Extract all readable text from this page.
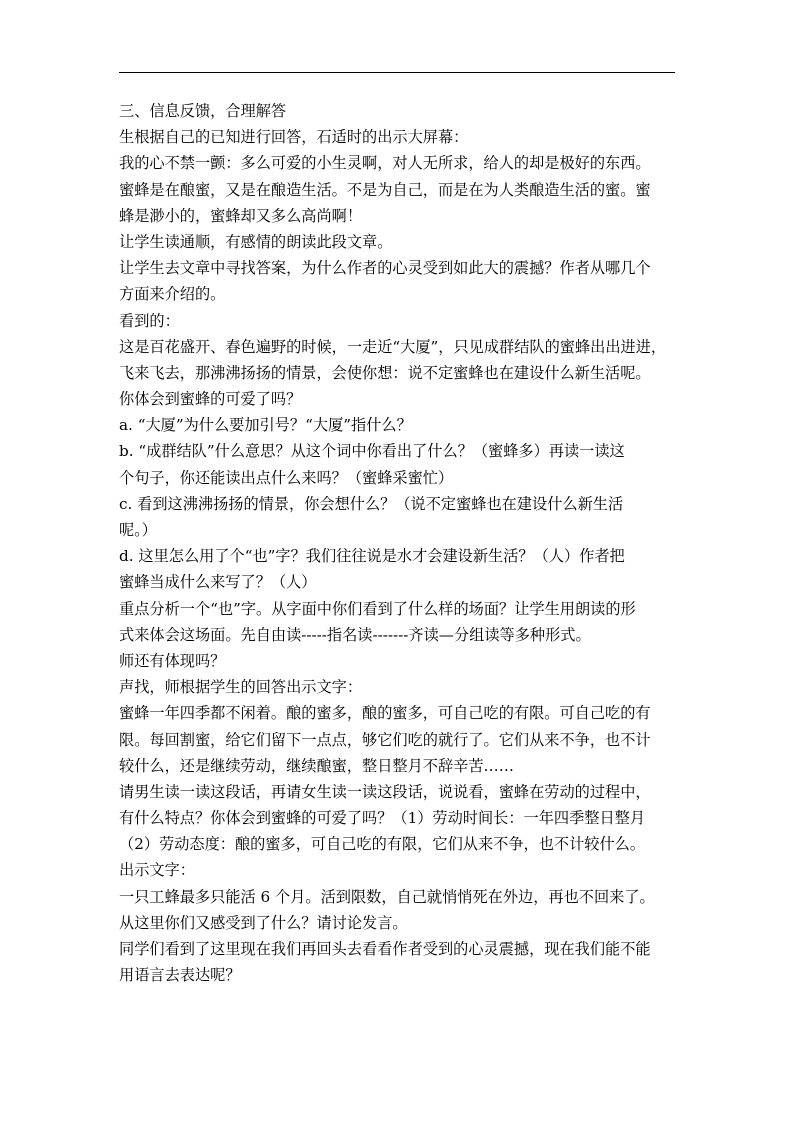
三、信息反馈，合理解答
生根据自己的已知进行回答，石适时的出示大屏幕：
我的心不禁一颤：多么可爱的小生灵啊，对人无所求，给人的却是极好的东西。
蜜蜂是在酿蜜，又是在酿造生活。不是为自己，而是在为人类酿造生活的蜜。蜜
蜂是渺小的，蜜蜂却又多么高尚啊！
让学生读通顺，有感情的朗读此段文章。
让学生去文章中寻找答案，为什么作者的心灵受到如此大的震撼？作者从哪几个
方面来介绍的。
看到的：
这是百花盛开、春色遍野的时候，一走近“大厦”，只见成群结队的蜜蜂出出进进，
飞来飞去，那沸沸扬扬的情景，会使你想：说不定蜜蜂也在建设什么新生活呢。
你体会到蜜蜂的可爱了吗？
a. “大厦”为什么要加引号？“大厦”指什么？
b. “成群结队”什么意思？从这个词中你看出了什么？（蜜蜂多）再读一读这
个句子，你还能读出点什么来吗？（蜜蜂采蜜忙）
c. 看到这沸沸扬扬的情景，你会想什么？（说不定蜜蜂也在建设什么新生活
呢。）
d. 这里怎么用了个“也”字？我们往往说是水才会建设新生活？（人）作者把
蜜蜂当成什么来写了？（人）
重点分析一个“也”字。从字面中你们看到了什么样的场面？让学生用朗读的形
式来体会这场面。先自由读-----指名读-------齐读—分组读等多种形式。
师还有体现吗？
声找，师根据学生的回答出示文字：
蜜蜂一年四季都不闲着。酿的蜜多，酿的蜜多，可自己吃的有限。可自己吃的有
限。每回割蜜，给它们留下一点点，够它们吃的就行了。它们从来不争，也不计
较什么，还是继续劳动，继续酿蜜，整日整月不辞辛苦……
请男生读一读这段话，再请女生读一读这段话，说说看，蜜蜂在劳动的过程中，
有什么特点？你体会到蜜蜂的可爱了吗？（1）劳动时间长：一年四季整日整月
（2）劳动态度：酿的蜜多，可自己吃的有限，它们从来不争，也不计较什么。
出示文字：
一只工蜂最多只能活 6 个月。活到限数，自己就悄悄死在外边，再也不回来了。
从这里你们又感受到了什么？请讨论发言。
同学们看到了这里现在我们再回头去看看作者受到的心灵震撼，现在我们能不能
用语言去表达呢？
